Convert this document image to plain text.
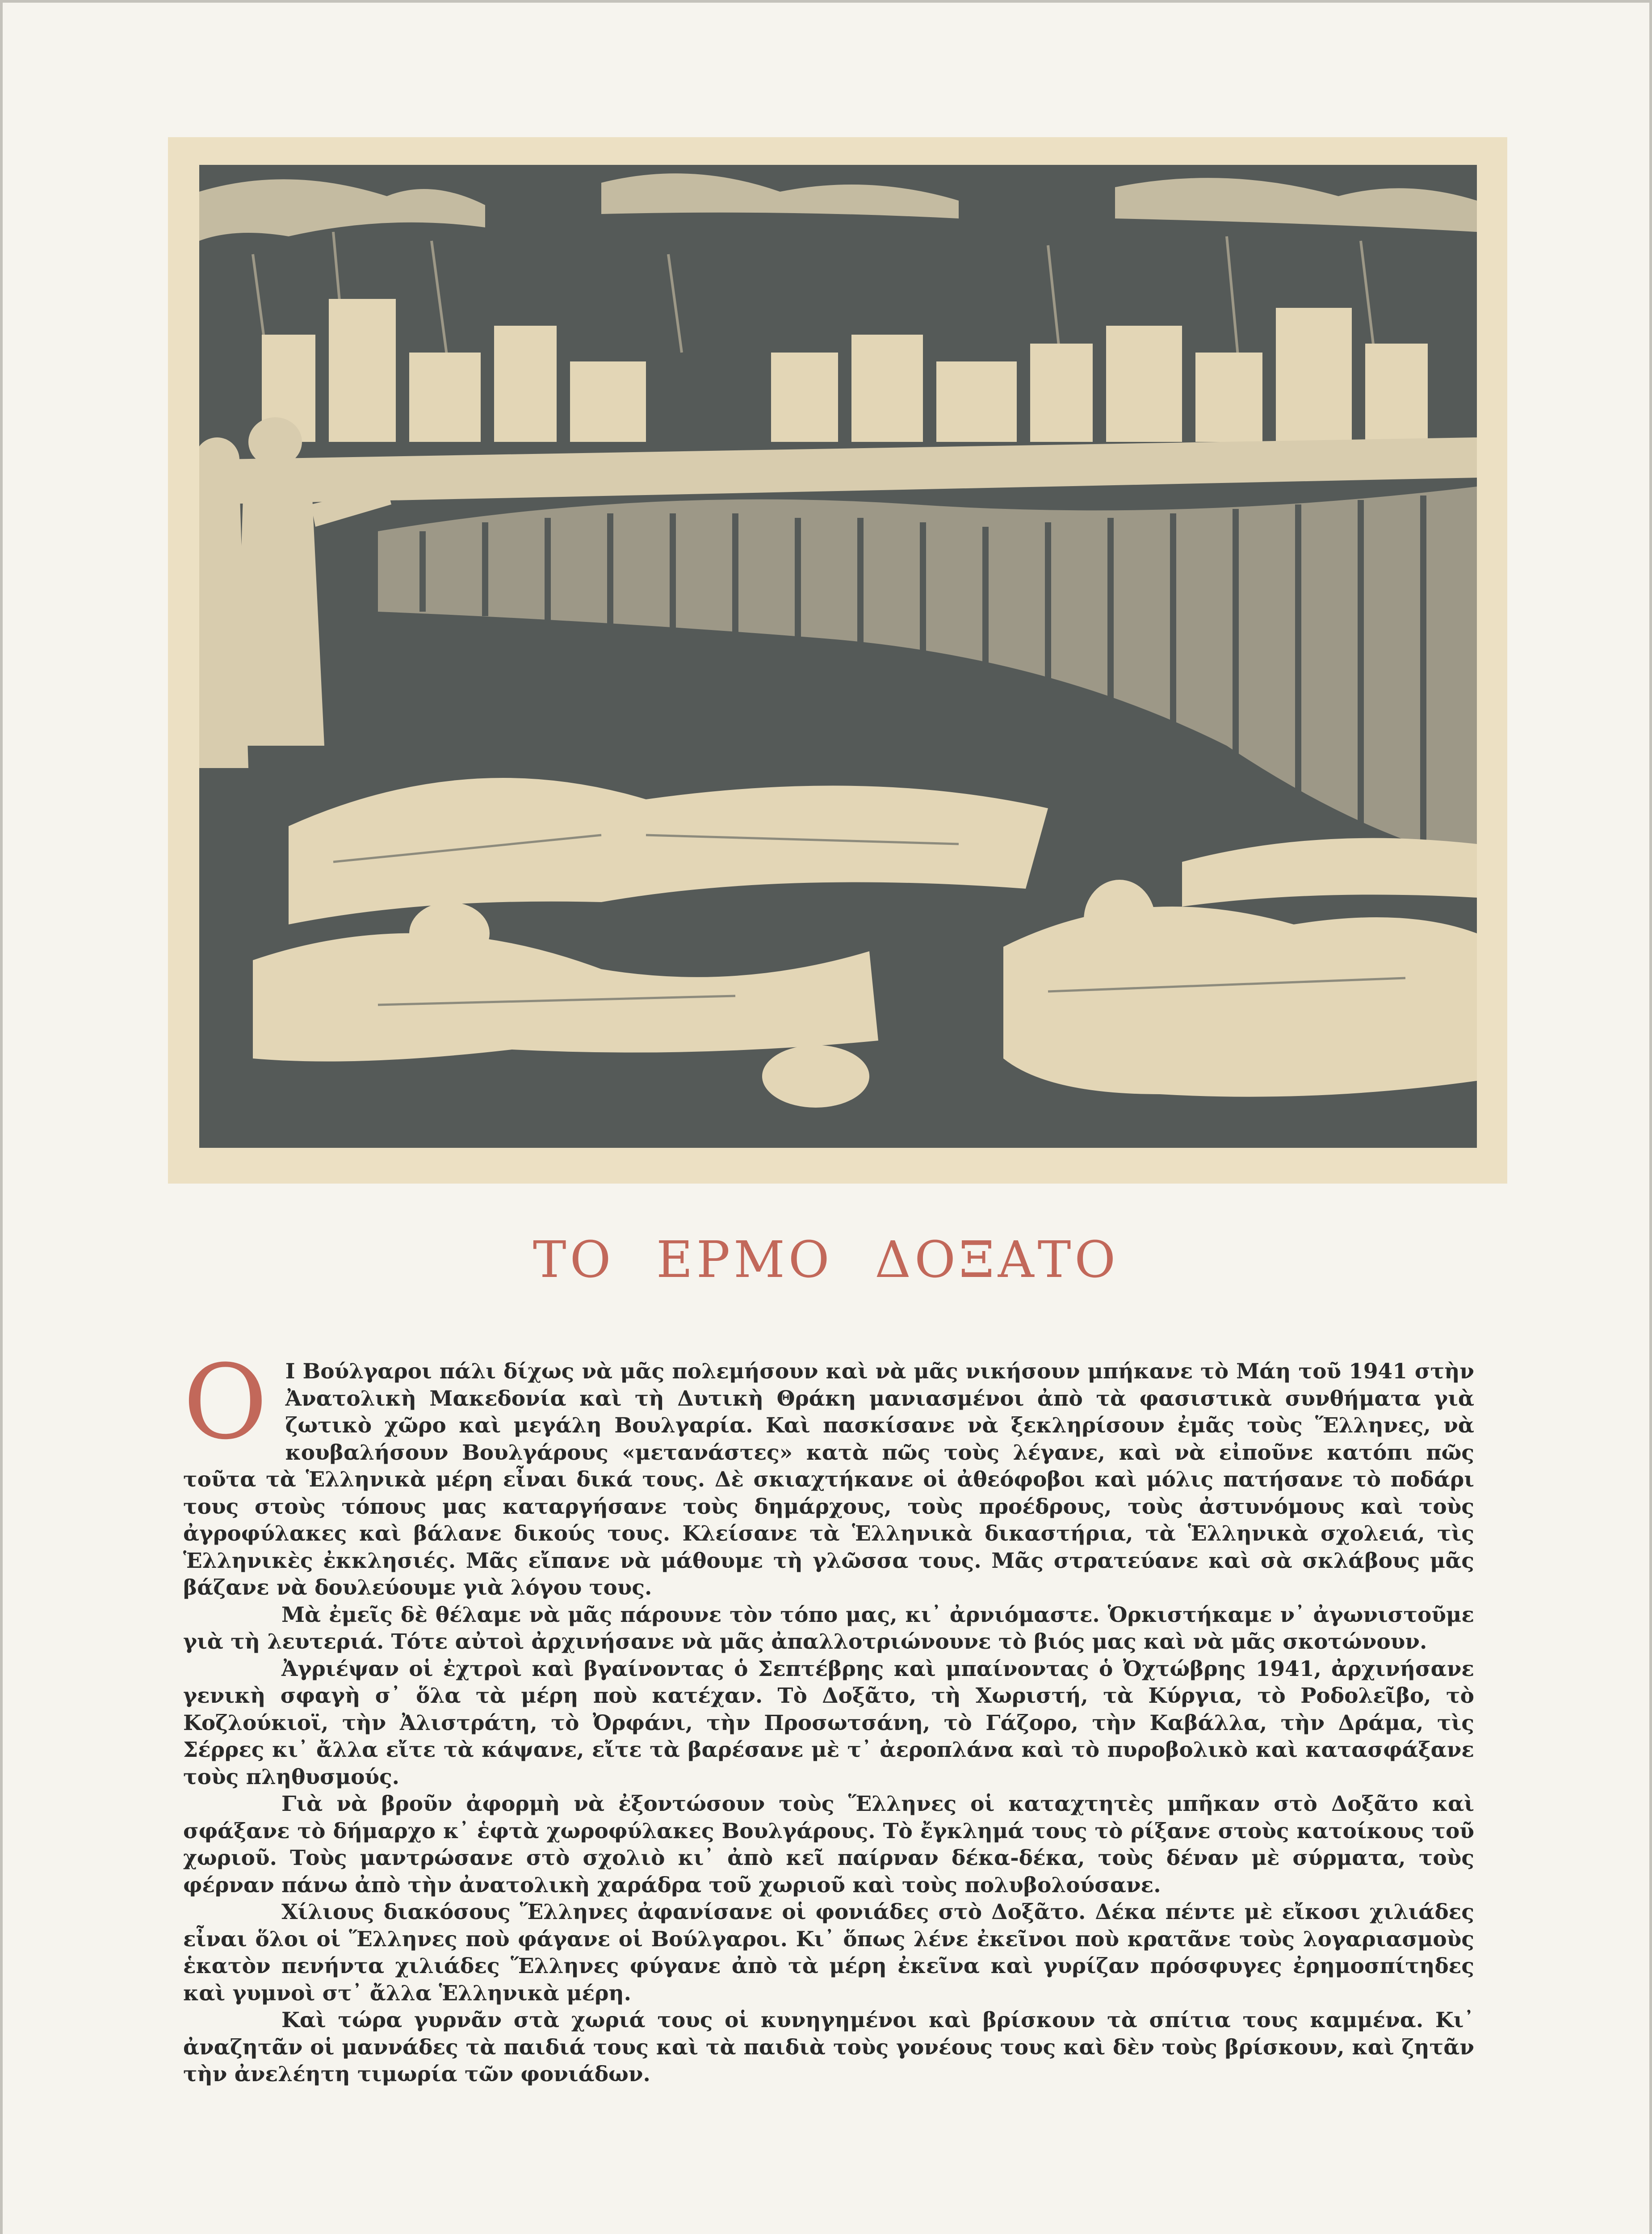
ΤΟ ΕΡΜΟ ΔΟΞΑΤΟ
Ο Ι Βούλγαροι πάλι δίχως νὰ μᾶς πολεμήσουν καὶ νὰ μᾶς νικήσουν μπήκανε τὸ Μάη τοῦ 1941 στὴν Ἀνατολικὴ Μακεδονία καὶ τὴ Δυτικὴ Θράκη μανιασμένοι ἀπὸ τὰ φασιστικὰ συνθήματα γιὰ ζωτικὸ χῶρο καὶ μεγάλη Βουλγαρία. Καὶ πασκίσανε νὰ ξεκληρίσουν ἐμᾶς τοὺς Ἕλληνες, νὰ κουβαλήσουν Βουλγάρους «μετανάστες» κατὰ πῶς τοὺς λέγανε, καὶ νὰ εἰποῦνε κατόπι πῶς τοῦτα τὰ Ἑλληνικὰ μέρη εἶναι δικά τους. Δὲ σκιαχτήκανε οἱ ἀθεόφοβοι καὶ μόλις πατήσανε τὸ ποδάρι τους στοὺς τόπους μας καταργήσανε τοὺς δημάρχους, τοὺς προέδρους, τοὺς ἀστυνόμους καὶ τοὺς ἀγροφύλακες καὶ βάλανε δικούς τους. Κλείσανε τὰ Ἑλληνικὰ δικαστήρια, τὰ Ἑλληνικὰ σχολειά, τὶς Ἑλληνικὲς ἐκκλησιές. Μᾶς εἴπανε νὰ μάθουμε τὴ γλῶσσα τους. Μᾶς στρατεύανε καὶ σὰ σκλάβους μᾶς βάζανε νὰ δουλεύουμε γιὰ λόγου τους.

Μὰ ἐμεῖς δὲ θέλαμε νὰ μᾶς πάρουνε τὸν τόπο μας, κι᾽ ἀρνιόμαστε. Ὁρκιστήκαμε ν᾽ ἀγωνιστοῦμε γιὰ τὴ λευτεριά. Τότε αὐτοὶ ἀρχινήσανε νὰ μᾶς ἀπαλλοτριώνουνε τὸ βιός μας καὶ νὰ μᾶς σκοτώνουν.

Ἀγριέψαν οἱ ἐχτροὶ καὶ βγαίνοντας ὁ Σεπτέβρης καὶ μπαίνοντας ὁ Ὀχτώβρης 1941, ἀρχινήσανε γενικὴ σφαγὴ σ᾽ ὅλα τὰ μέρη ποὺ κατέχαν. Τὸ Δοξᾶτο, τὴ Χωριστή, τὰ Κύργια, τὸ Ροδολεῖβο, τὸ Κοζλούκιοϊ, τὴν Ἀλιστράτη, τὸ Ὀρφάνι, τὴν Προσωτσάνη, τὸ Γάζορο, τὴν Καβάλλα, τὴν Δράμα, τὶς Σέρρες κι᾽ ἄλλα εἴτε τὰ κάψανε, εἴτε τὰ βαρέσανε μὲ τ᾽ ἀεροπλάνα καὶ τὸ πυροβολικὸ καὶ κατασφάξανε τοὺς πληθυσμούς.

Γιὰ νὰ βροῦν ἀφορμὴ νὰ ἐξοντώσουν τοὺς Ἕλληνες οἱ καταχτητὲς μπῆκαν στὸ Δοξᾶτο καὶ σφάξανε τὸ δήμαρχο κ᾽ ἑφτὰ χωροφύλακες Βουλγάρους. Τὸ ἔγκλημά τους τὸ ρίξανε στοὺς κατοίκους τοῦ χωριοῦ. Τοὺς μαντρώσανε στὸ σχολιὸ κι᾽ ἀπὸ κεῖ παίρναν δέκα-δέκα, τοὺς δέναν μὲ σύρματα, τοὺς φέρναν πάνω ἀπὸ τὴν ἀνατολικὴ χαράδρα τοῦ χωριοῦ καὶ τοὺς πολυβολούσανε.

Χίλιους διακόσους Ἕλληνες ἀφανίσανε οἱ φονιάδες στὸ Δοξᾶτο. Δέκα πέντε μὲ εἴκοσι χιλιάδες εἶναι ὅλοι οἱ Ἕλληνες ποὺ φάγανε οἱ Βούλγαροι. Κι᾽ ὅπως λένε ἐκεῖνοι ποὺ κρατᾶνε τοὺς λογαριασμοὺς ἑκατὸν πενήντα χιλιάδες Ἕλληνες φύγανε ἀπὸ τὰ μέρη ἐκεῖνα καὶ γυρίζαν πρόσφυγες ἐρημοσπίτηδες καὶ γυμνοὶ στ᾽ ἄλλα Ἑλληνικὰ μέρη.

Καὶ τώρα γυρνᾶν στὰ χωριά τους οἱ κυνηγημένοι καὶ βρίσκουν τὰ σπίτια τους καμμένα. Κι᾽ ἀναζητᾶν οἱ μαννάδες τὰ παιδιά τους καὶ τὰ παιδιὰ τοὺς γονέους τους καὶ δὲν τοὺς βρίσκουν, καὶ ζητᾶν τὴν ἀνελέητη τιμωρία τῶν φονιάδων.
